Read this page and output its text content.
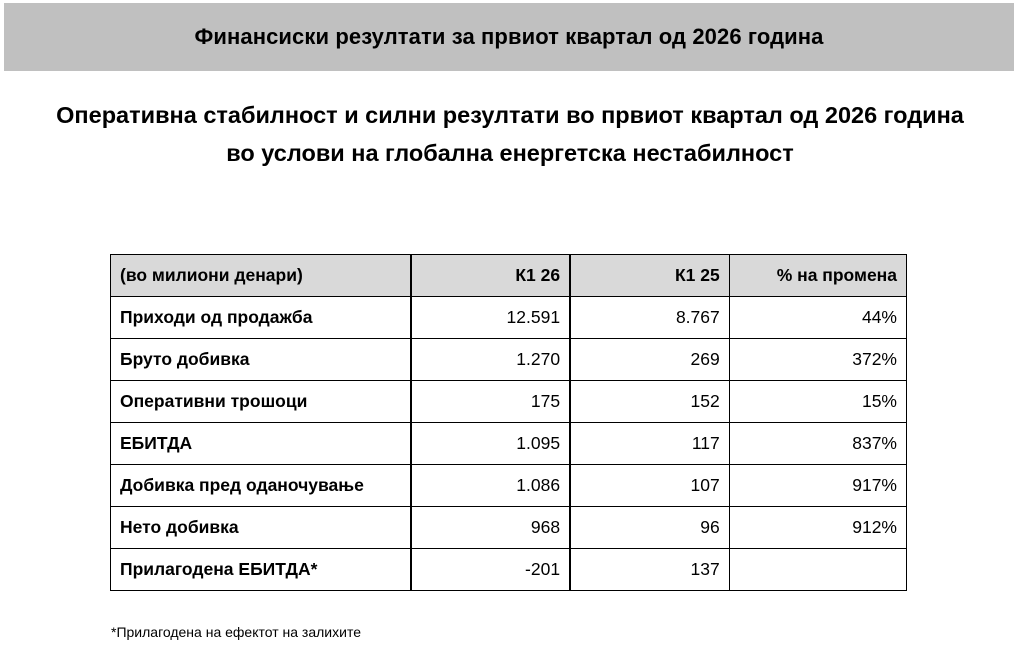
Финансиски резултати за првиот квартал од 2026 година
Оперативна стабилност и силни резултати во првиот квартал од 2026 година
во услови на глобална енергетска нестабилност
(во милиони денари)	К1 26	К1 25	% на промена
Приходи од продажба	12.591	8.767	44%
Бруто добивка	1.270	269	372%
Оперативни трошоци	175	152	15%
ЕБИТДА	1.095	117	837%
Добивка пред оданочување	1.086	107	917%
Нето добивка	968	96	912%
Прилагодена ЕБИТДА*	-201	137	
*Прилагодена на ефектот на залихите
